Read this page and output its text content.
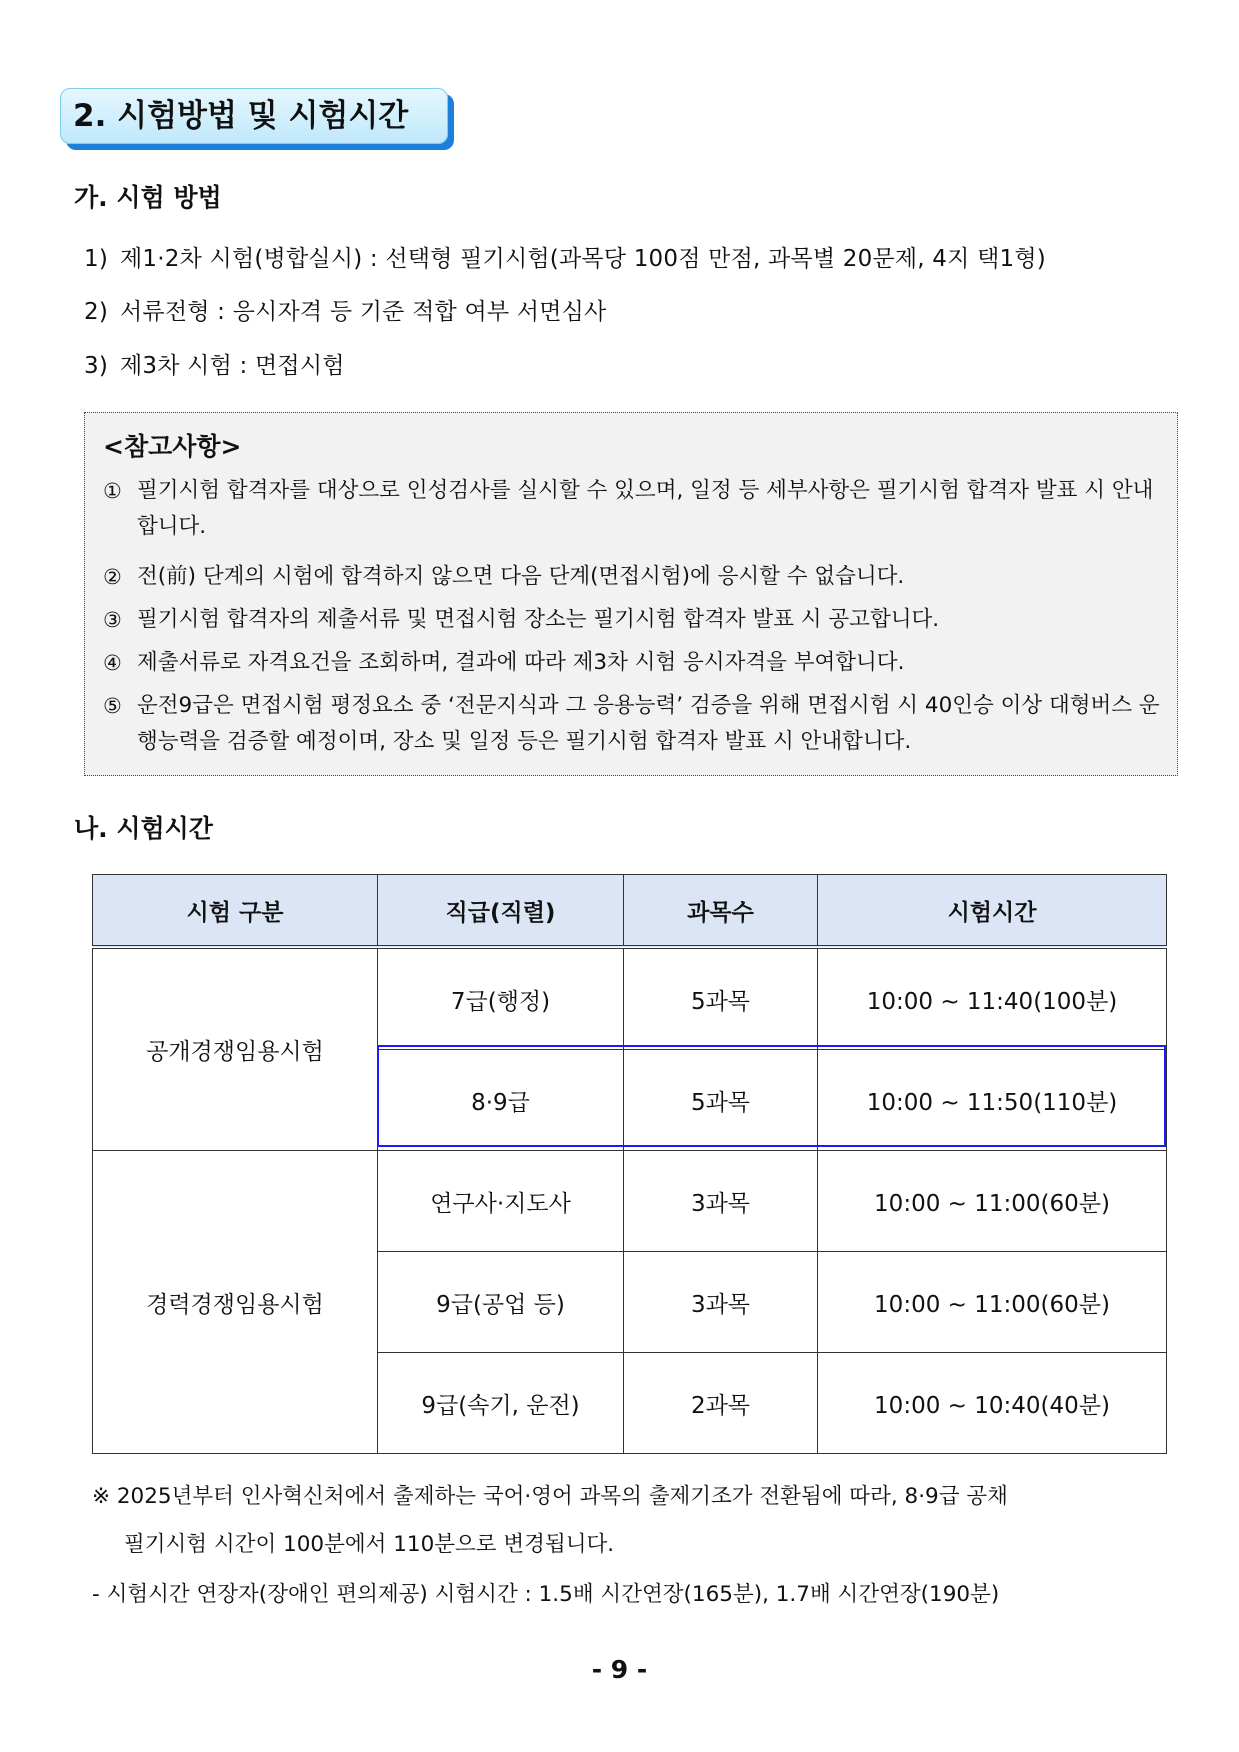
2. 시험방법 및 시험시간
가. 시험 방법
1) 제1·2차 시험(병합실시) : 선택형 필기시험(과목당 100점 만점, 과목별 20문제, 4지 택1형)
2) 서류전형 : 응시자격 등 기준 적합 여부 서면심사
3) 제3차 시험 : 면접시험
<참고사항>
① 필기시험 합격자를 대상으로 인성검사를 실시할 수 있으며, 일정 등 세부사항은 필기시험 합격자 발표 시 안내합니다.
② 전(前) 단계의 시험에 합격하지 않으면 다음 단계(면접시험)에 응시할 수 없습니다.
③ 필기시험 합격자의 제출서류 및 면접시험 장소는 필기시험 합격자 발표 시 공고합니다.
④ 제출서류로 자격요건을 조회하며, 결과에 따라 제3차 시험 응시자격을 부여합니다.
⑤ 운전9급은 면접시험 평정요소 중 ‘전문지식과 그 응용능력’ 검증을 위해 면접시험 시 40인승 이상 대형버스 운행능력을 검증할 예정이며, 장소 및 일정 등은 필기시험 합격자 발표 시 안내합니다.
나. 시험시간
시험 구분	직급(직렬)	과목수	시험시간
공개경쟁임용시험	7급(행정)	5과목	10:00 ~ 11:40(100분)
	8·9급	5과목	10:00 ~ 11:50(110분)
경력경쟁임용시험	연구사·지도사	3과목	10:00 ~ 11:00(60분)
	9급(공업 등)	3과목	10:00 ~ 11:00(60분)
	9급(속기, 운전)	2과목	10:00 ~ 10:40(40분)
※ 2025년부터 인사혁신처에서 출제하는 국어·영어 과목의 출제기조가 전환됨에 따라, 8·9급 공채
필기시험 시간이 100분에서 110분으로 변경됩니다.
- 시험시간 연장자(장애인 편의제공) 시험시간 : 1.5배 시간연장(165분), 1.7배 시간연장(190분)
- 9 -
